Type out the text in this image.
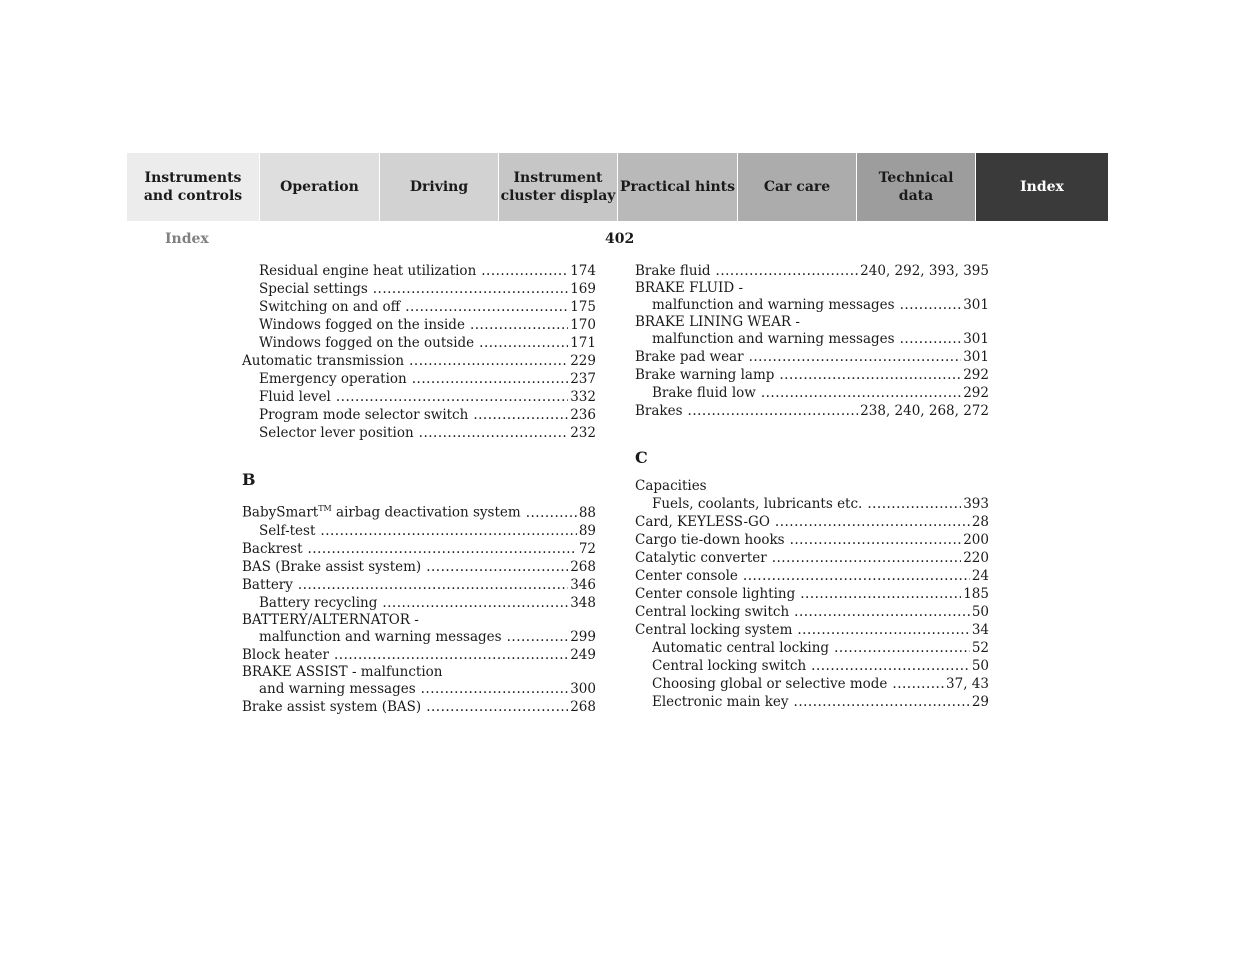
Instruments
and controls
Operation	Driving
Instrument
cluster display
Practical hints	Car care
Technical
data
Index
Index	402
Residual engine heat utilization .....	174
Special settings .....	169
Switching on and off .....	175
Windows fogged on the inside .....	170
Windows fogged on the outside .....	171
Automatic transmission .....	229
Emergency operation .....	237
Fluid level .....	332
Program mode selector switch .....	236
Selector lever position .....	232
B
BabySmart™ airbag deactivation system .....	88
Self-test .....	89
Backrest .....	72
BAS (Brake assist system) .....	268
Battery .....	346
Battery recycling .....	348
BATTERY/ALTERNATOR -
malfunction and warning messages .....	299
Block heater .....	249
BRAKE ASSIST - malfunction
and warning messages .....	300
Brake assist system (BAS) .....	268
Brake fluid .....	240, 292, 393, 395
BRAKE FLUID -
malfunction and warning messages .....	301
BRAKE LINING WEAR -
malfunction and warning messages .....	301
Brake pad wear .....	301
Brake warning lamp .....	292
Brake fluid low .....	292
Brakes .....	238, 240, 268, 272
C
Capacities
Fuels, coolants, lubricants etc. .....	393
Card, KEYLESS-GO .....	28
Cargo tie-down hooks .....	200
Catalytic converter .....	220
Center console .....	24
Center console lighting .....	185
Central locking switch .....	50
Central locking system .....	34
Automatic central locking .....	52
Central locking switch .....	50
Choosing global or selective mode .....	37, 43
Electronic main key .....	29
